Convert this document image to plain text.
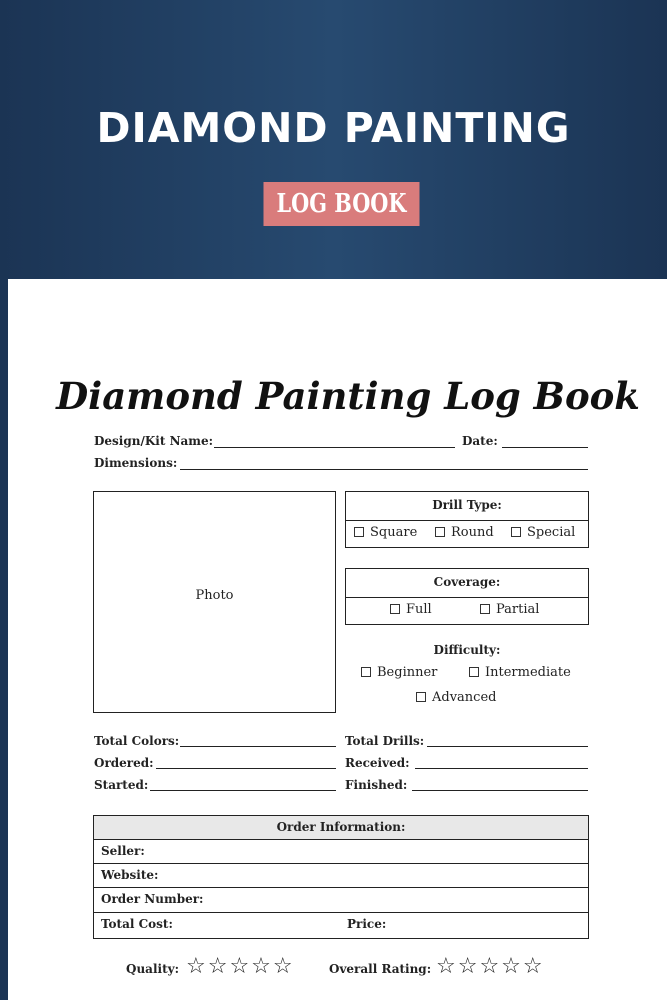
DIAMOND PAINTING
LOG BOOK
Diamond Painting Log Book
Design/Kit Name:	Date:
Dimensions:
Photo
Drill Type:
Square	Round	Special
Coverage:
Full	Partial
Difficulty:
Beginner	Intermediate
Advanced
Total Colors:	Total Drills:
Ordered:	Received:
Started:	Finished:
Order Information:
Seller:
Website:
Order Number:
Total Cost:	Price:
Quality: ☆☆☆☆☆	Overall Rating: ☆☆☆☆☆
